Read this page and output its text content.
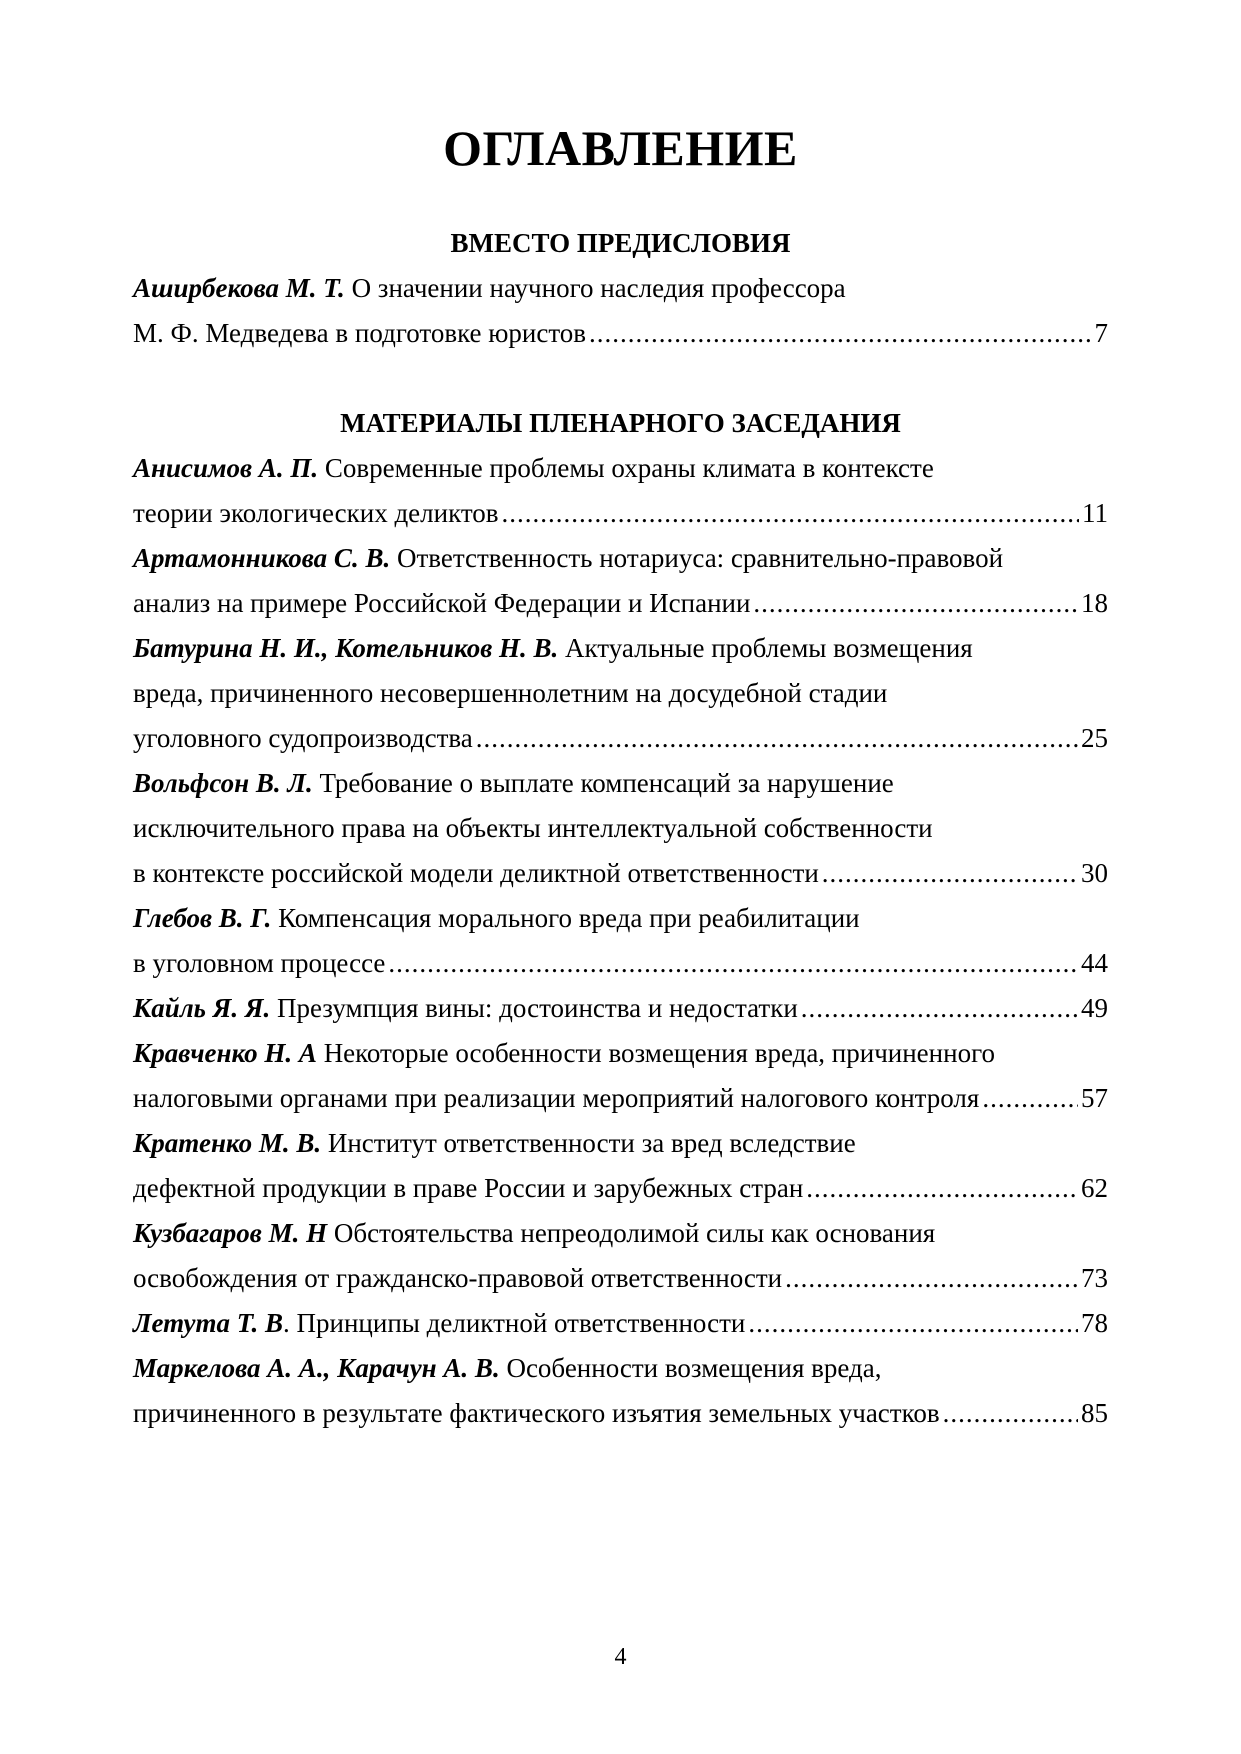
ОГЛАВЛЕНИЕ
ВМЕСТО ПРЕДИСЛОВИЯ
Аширбекова М. Т. О значении научного наследия профессора
М. Ф. Медведева в подготовке юристов .....	7
МАТЕРИАЛЫ ПЛЕНАРНОГО ЗАСЕДАНИЯ
Анисимов А. П. Современные проблемы охраны климата в контексте
теории экологических деликтов .....	11
Артамонникова С. В. Ответственность нотариуса: сравнительно-правовой
анализ на примере Российской Федерации и Испании .....	18
Батурина Н. И., Котельников Н. В. Актуальные проблемы возмещения
вреда, причиненного несовершеннолетним на досудебной стадии
уголовного судопроизводства .....	25
Вольфсон В. Л. Требование о выплате компенсаций за нарушение
исключительного права на объекты интеллектуальной собственности
в контексте российской модели деликтной ответственности .....	30
Глебов В. Г. Компенсация морального вреда при реабилитации
в уголовном процессе .....	44
Кайль Я. Я. Презумпция вины: достоинства и недостатки .....	49
Кравченко Н. А Некоторые особенности возмещения вреда, причиненного
налоговыми органами при реализации мероприятий налогового контроля .....	57
Кратенко М. В. Институт ответственности за вред вследствие
дефектной продукции в праве России и зарубежных стран .....	62
Кузбагаров М. Н Обстоятельства непреодолимой силы как основания
освобождения от гражданско-правовой ответственности .....	73
Летута Т. В. Принципы деликтной ответственности .....	78
Маркелова А. А., Карачун А. В. Особенности возмещения вреда,
причиненного в результате фактического изъятия земельных участков .....	85
4
